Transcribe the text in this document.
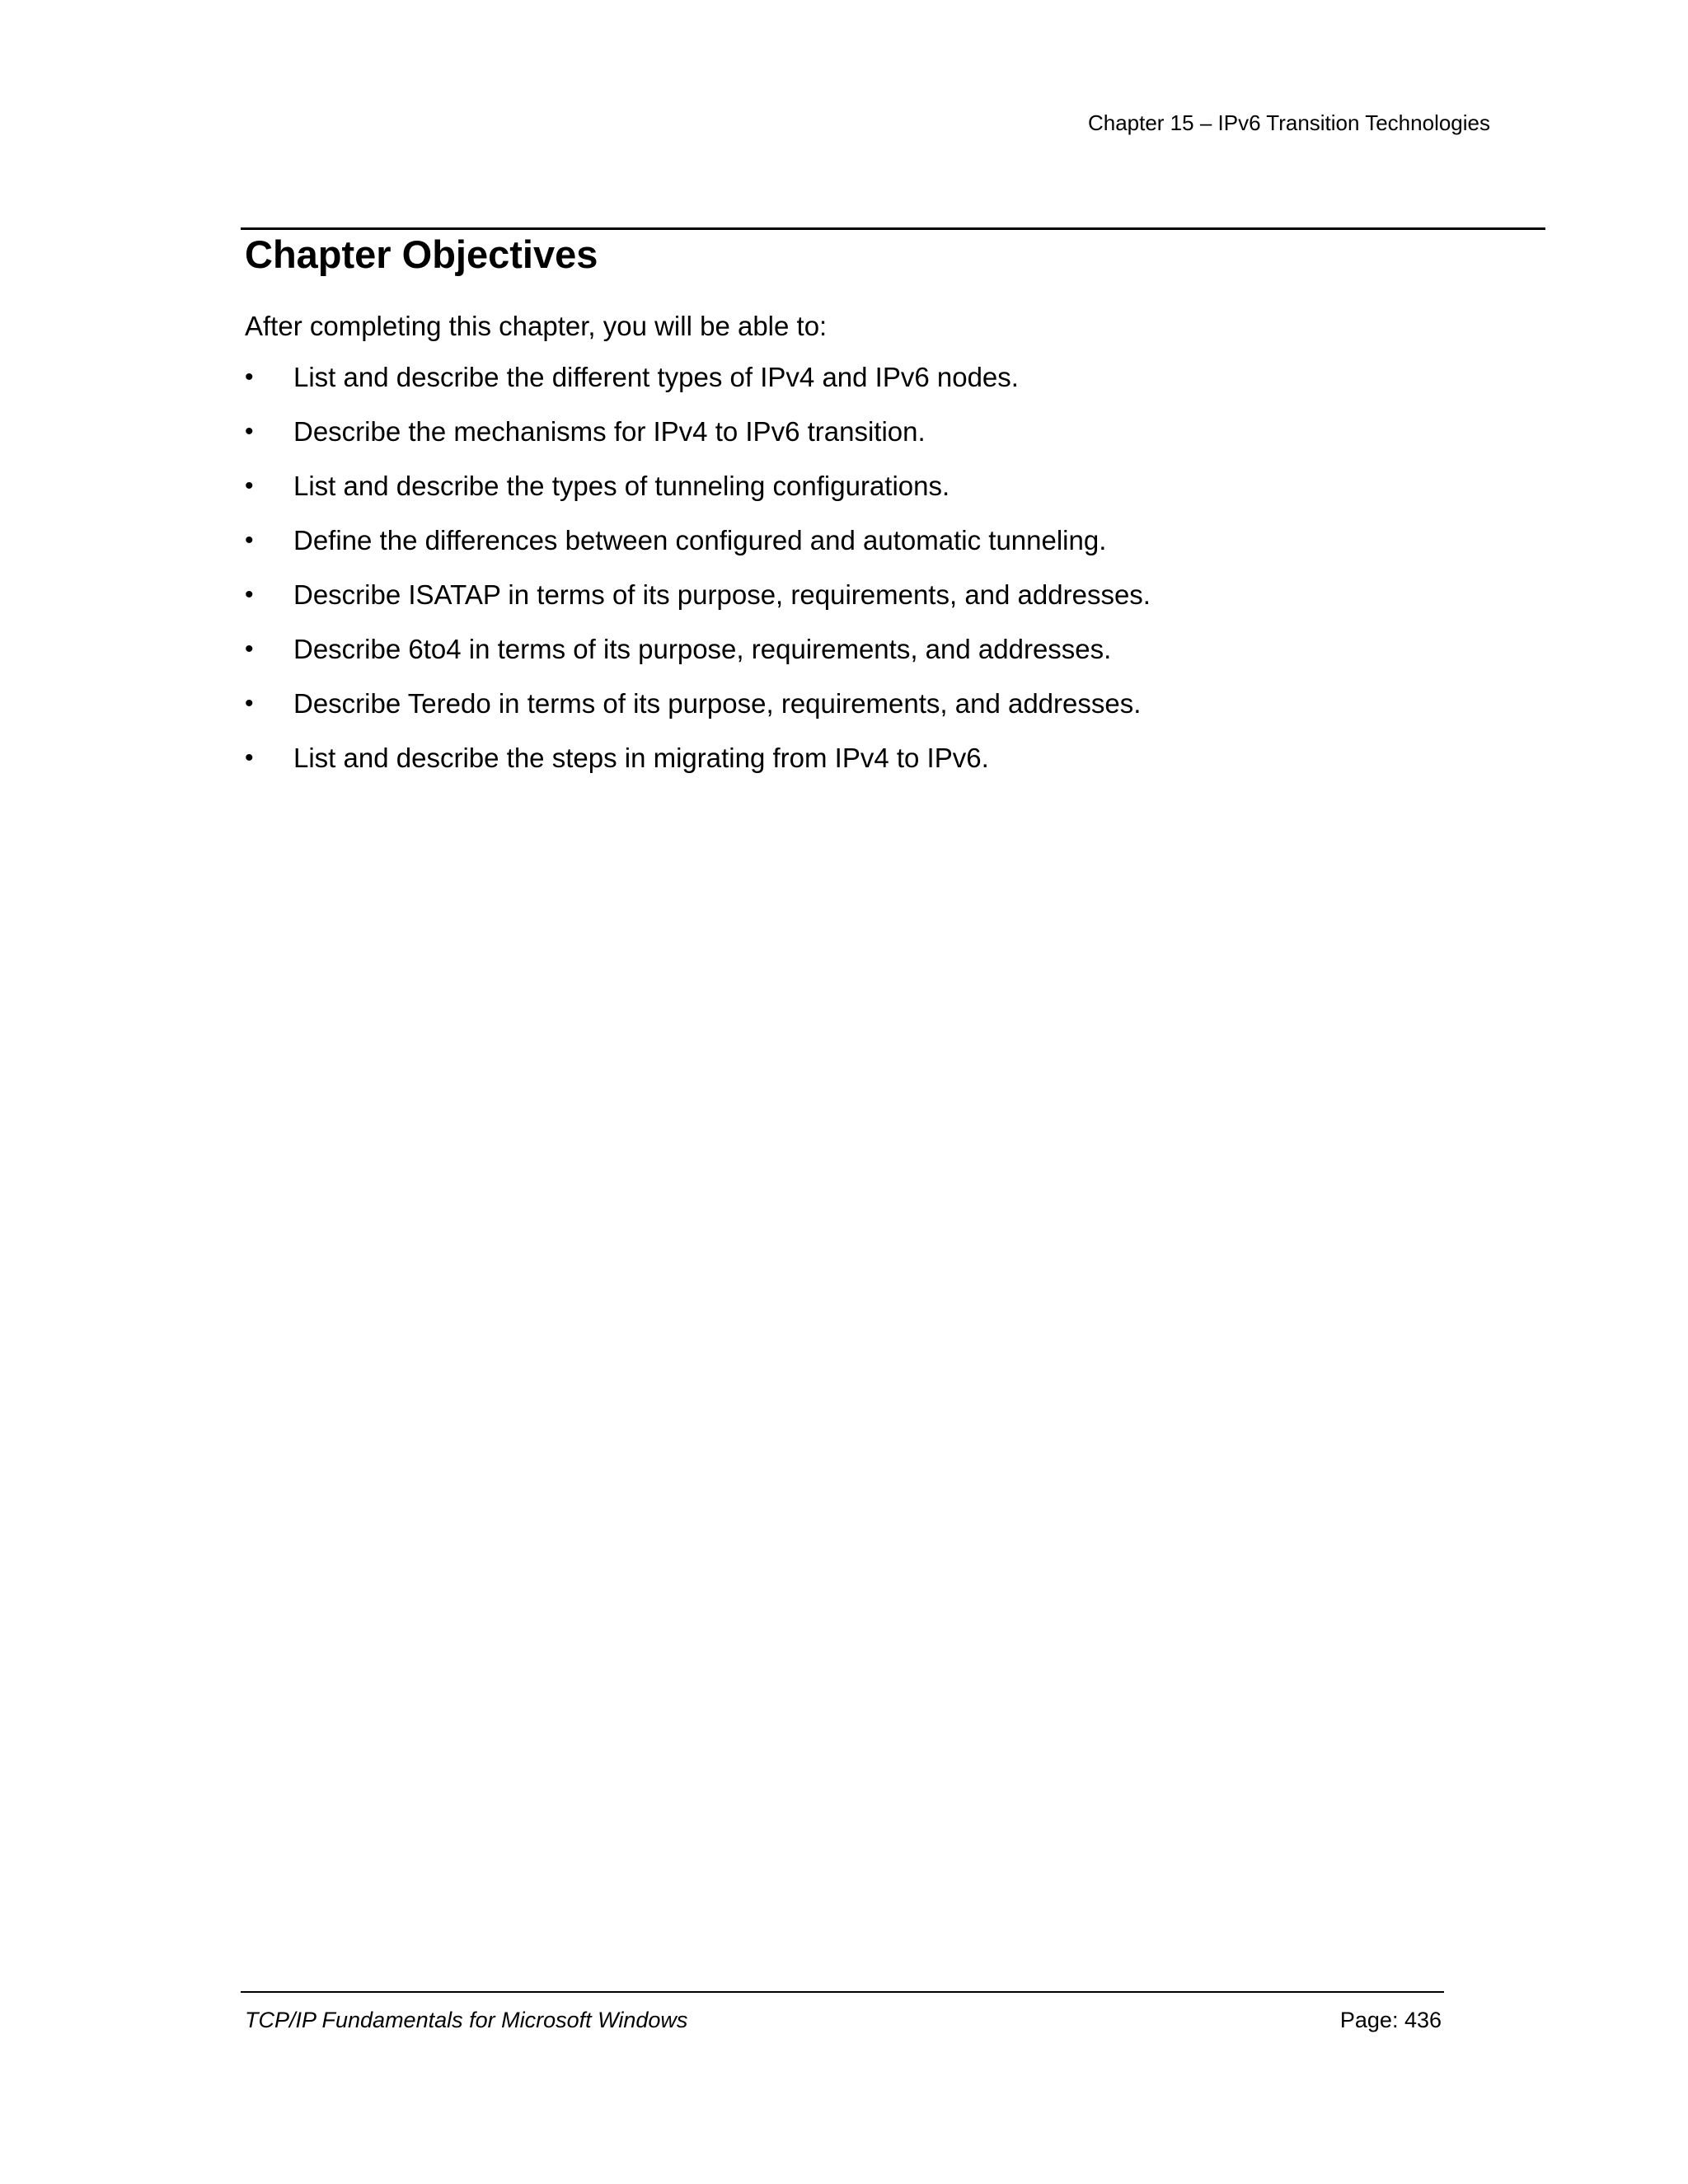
Chapter 15 – IPv6 Transition Technologies
Chapter Objectives

After completing this chapter, you will be able to:

•	List and describe the different types of IPv4 and IPv6 nodes.
•	Describe the mechanisms for IPv4 to IPv6 transition.
•	List and describe the types of tunneling configurations.
•	Define the differences between configured and automatic tunneling.
•	Describe ISATAP in terms of its purpose, requirements, and addresses.
•	Describe 6to4 in terms of its purpose, requirements, and addresses.
•	Describe Teredo in terms of its purpose, requirements, and addresses.
•	List and describe the steps in migrating from IPv4 to IPv6.
TCP/IP Fundamentals for Microsoft Windows	Page: 436
